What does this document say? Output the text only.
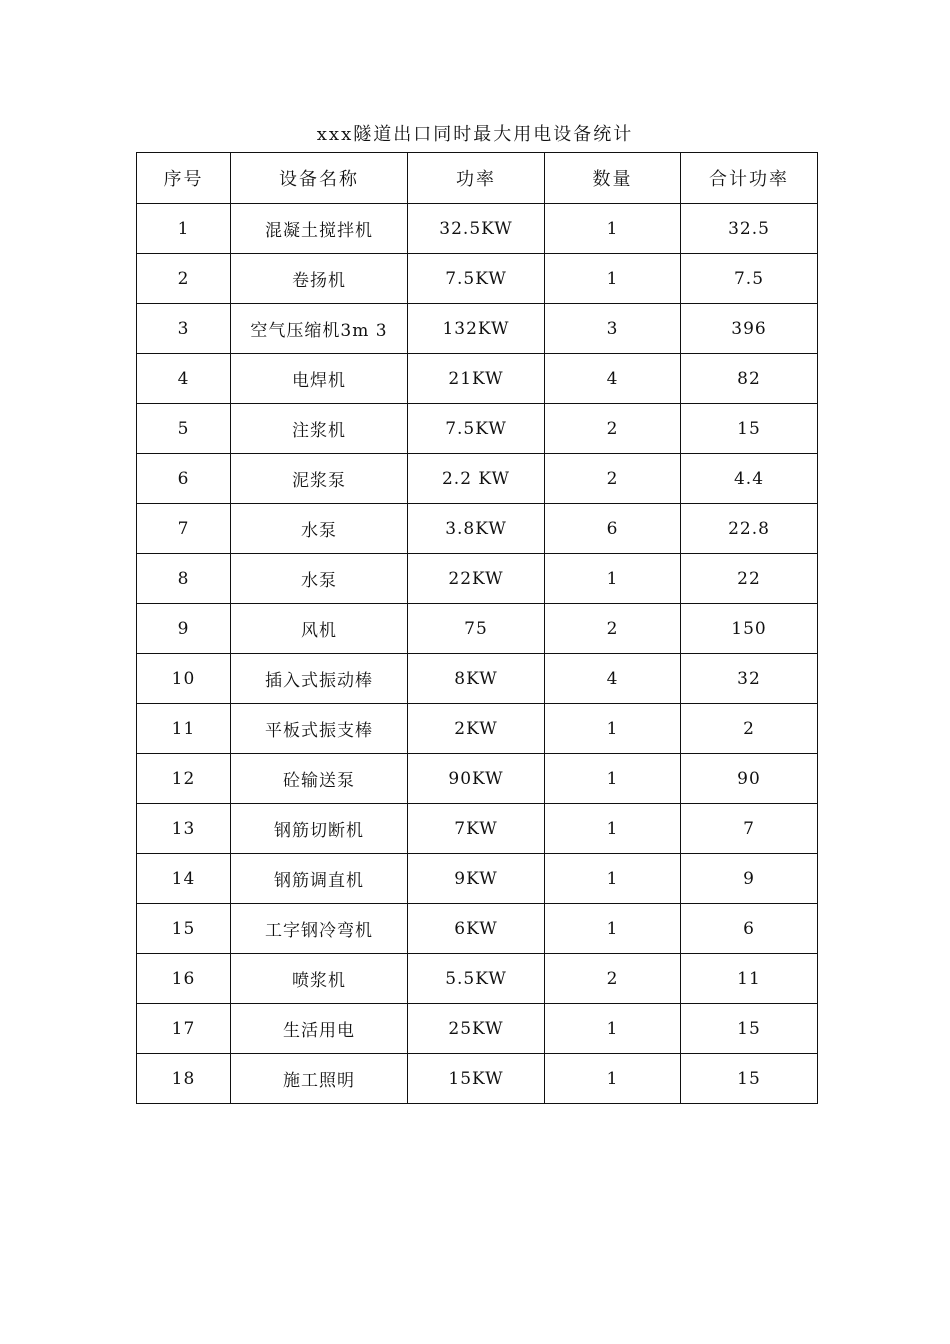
xxx隧道出口同时最大用电设备统计
序号	设备名称	功率	数量	合计功率
1	混凝土搅拌机	32.5KW	1	32.5
2	卷扬机	7.5KW	1	7.5
3	空气压缩机3m 3	132KW	3	396
4	电焊机	21KW	4	82
5	注浆机	7.5KW	2	15
6	泥浆泵	2.2 KW	2	4.4
7	水泵	3.8KW	6	22.8
8	水泵	22KW	1	22
9	风机	75	2	150
10	插入式振动棒	8KW	4	32
11	平板式振支棒	2KW	1	2
12	砼输送泵	90KW	1	90
13	钢筋切断机	7KW	1	7
14	钢筋调直机	9KW	1	9
15	工字钢冷弯机	6KW	1	6
16	喷浆机	5.5KW	2	11
17	生活用电	25KW	1	15
18	施工照明	15KW	1	15
